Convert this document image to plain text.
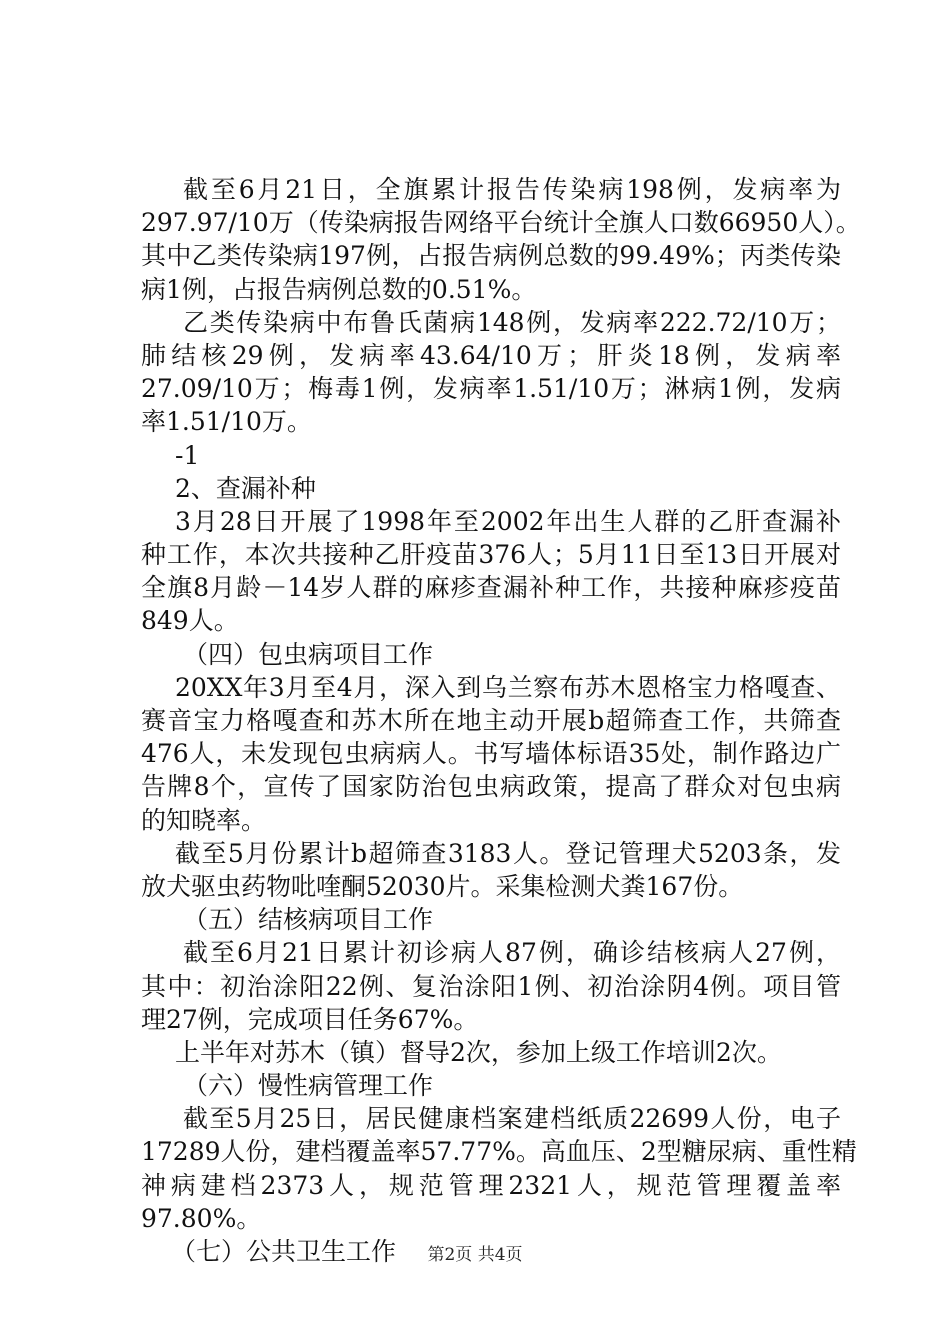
截至6月21日，全旗累计报告传染病198例，发病率为
297.97/10万（传染病报告网络平台统计全旗人口数66950人）。
其中乙类传染病197例，占报告病例总数的99.49%；丙类传染
病1例，占报告病例总数的0.51%。
乙类传染病中布鲁氏菌病148例，发病率222.72/10万；
肺结核29例，发病率43.64/10万；肝炎18例，发病率
27.09/10万；梅毒1例，发病率1.51/10万；淋病1例，发病
率1.51/10万。
-1
2、查漏补种
3月28日开展了1998年至2002年出生人群的乙肝查漏补
种工作，本次共接种乙肝疫苗376人；5月11日至13日开展对
全旗8月龄－14岁人群的麻疹查漏补种工作，共接种麻疹疫苗
849人。
（四）包虫病项目工作
20XX年3月至4月，深入到乌兰察布苏木恩格宝力格嘎查、
赛音宝力格嘎查和苏木所在地主动开展b超筛查工作，共筛查
476人，未发现包虫病病人。书写墙体标语35处，制作路边广
告牌8个，宣传了国家防治包虫病政策，提高了群众对包虫病
的知晓率。
截至5月份累计b超筛查3183人。登记管理犬5203条，发
放犬驱虫药物吡喹酮52030片。采集检测犬粪167份。
（五）结核病项目工作
截至6月21日累计初诊病人87例，确诊结核病人27例，
其中：初治涂阳22例、复治涂阳1例、初治涂阴4例。项目管
理27例，完成项目任务67%。
上半年对苏木（镇）督导2次，参加上级工作培训2次。
（六）慢性病管理工作
截至5月25日，居民健康档案建档纸质22699人份，电子
17289人份，建档覆盖率57.77%。高血压、2型糖尿病、重性精
神病建档2373人，规范管理2321人，规范管理覆盖率
97.80%。
（七）公共卫生工作	第2页 共4页
